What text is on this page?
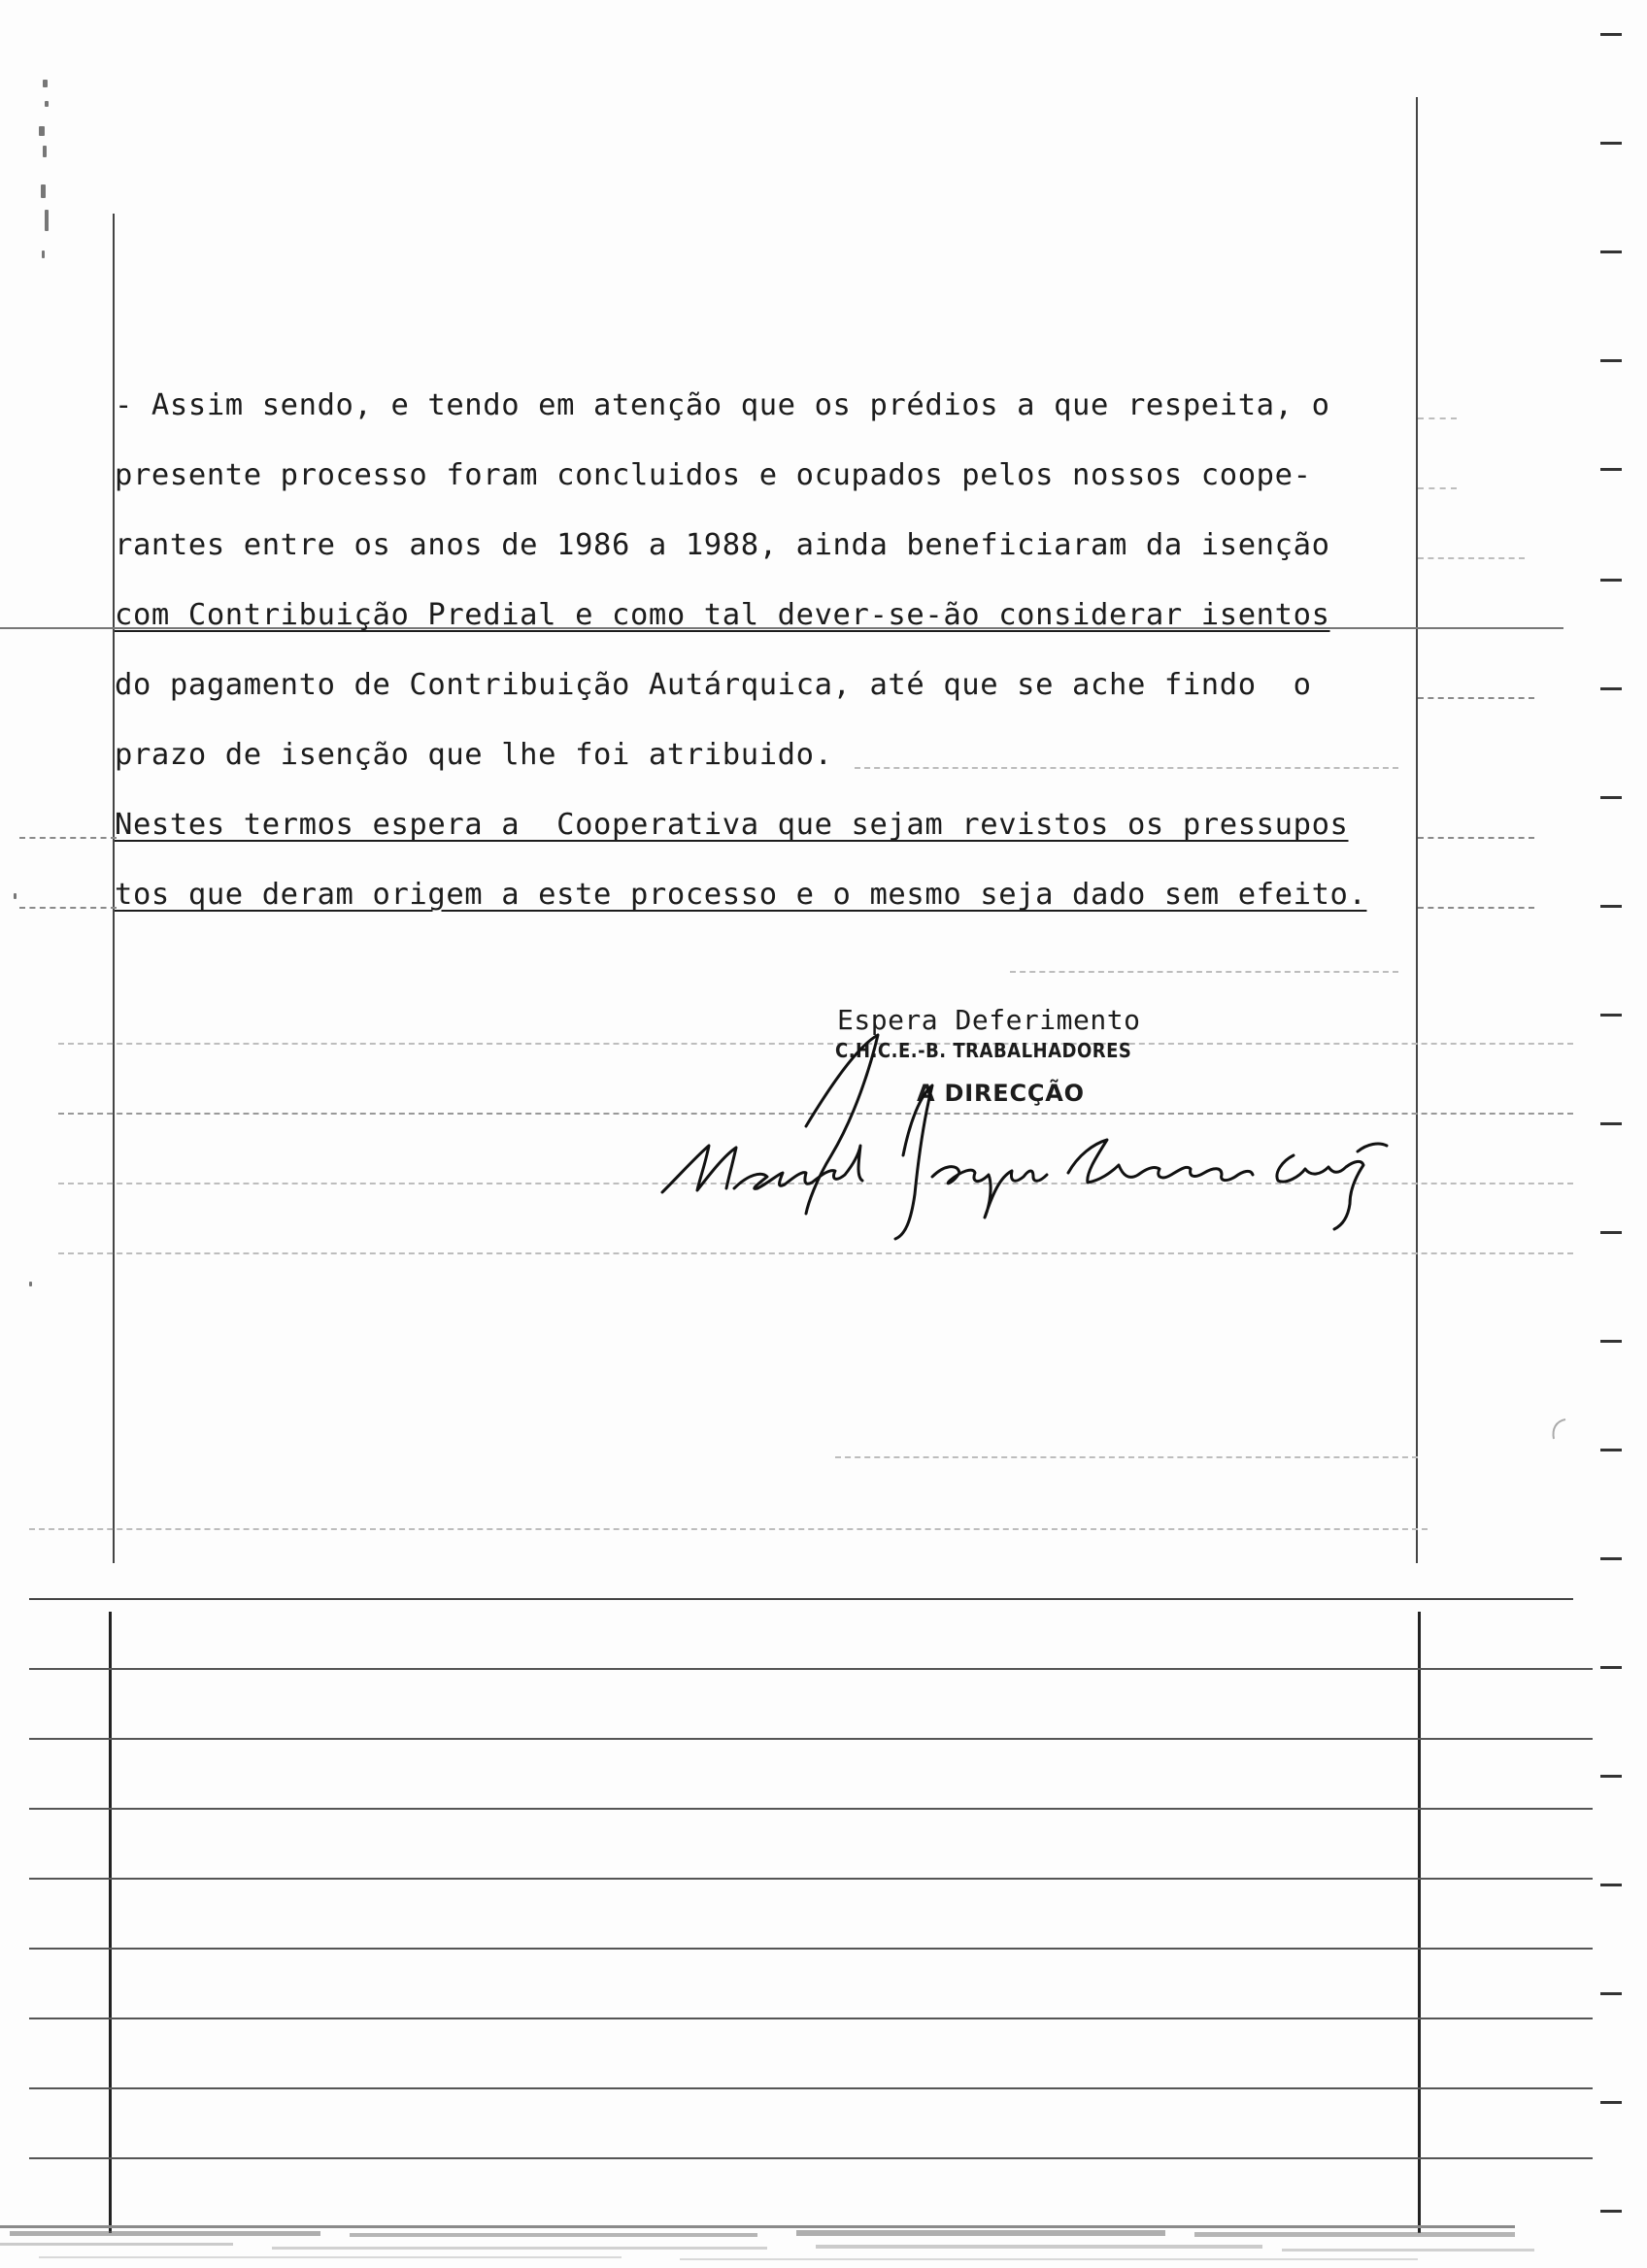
- Assim sendo, e tendo em atenção que os prédios a que respeita, o
presente processo foram concluidos e ocupados pelos nossos coope-
rantes entre os anos de 1986 a 1988, ainda beneficiaram da isenção
com Contribuição Predial e como tal dever-se-ão considerar isentos
do pagamento de Contribuição Autárquica, até que se ache findo  o
prazo de isenção que lhe foi atribuido.
Nestes termos espera a  Cooperativa que sejam revistos os pressupos
tos que deram origem a este processo e o mesmo seja dado sem efeito.
Espera Deferimento
C.H.C.E.-B. TRABALHADORES
A DIRECÇÃO
